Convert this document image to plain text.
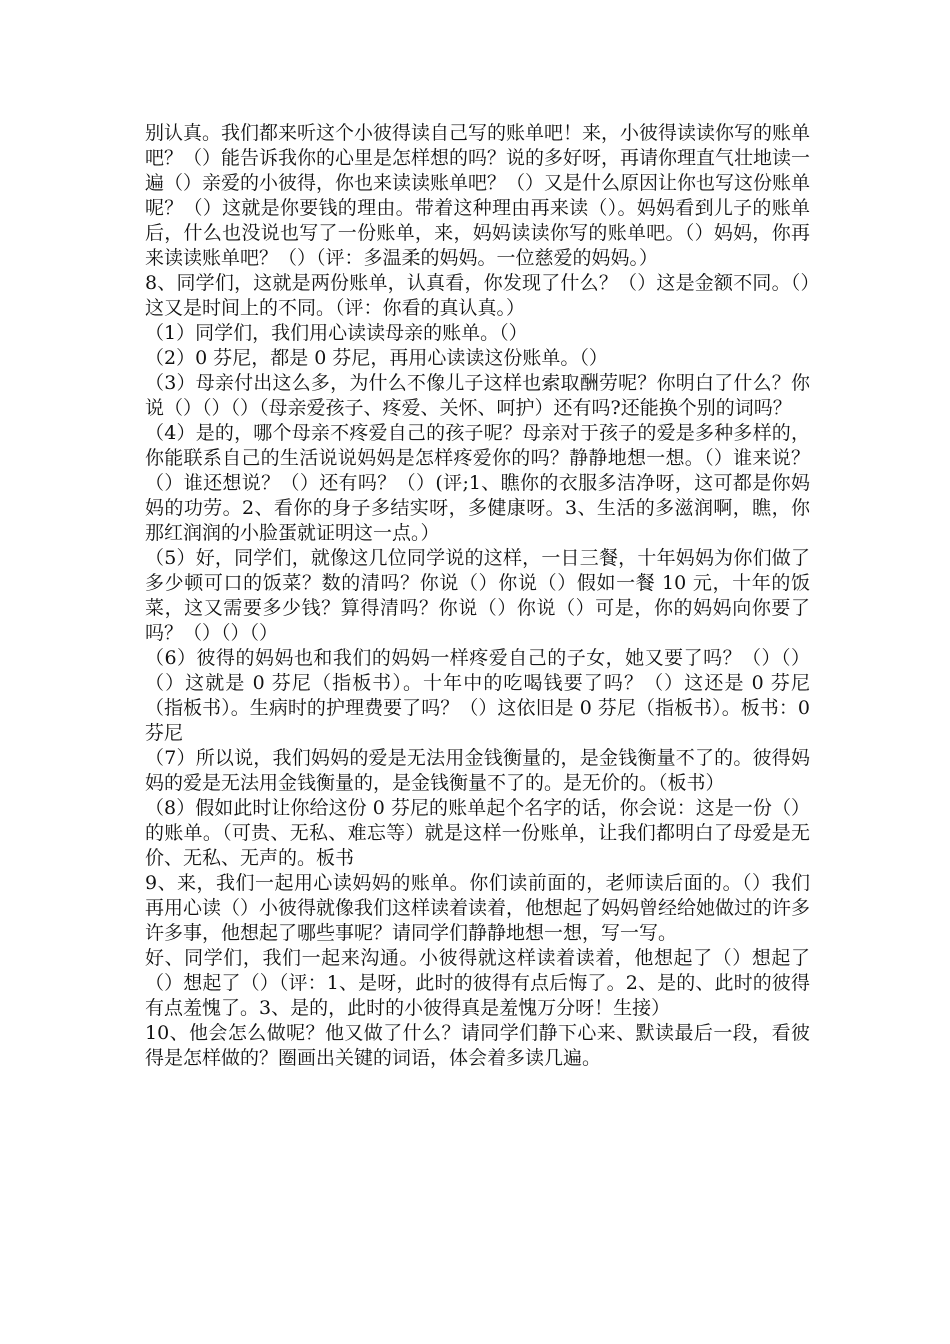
别认真。我们都来听这个小彼得读自己写的账单吧！来，小彼得读读你写的账单吧？（）能告诉我你的心里是怎样想的吗？说的多好呀，再请你理直气壮地读一遍（）亲爱的小彼得，你也来读读账单吧？（）又是什么原因让你也写这份账单呢？（）这就是你要钱的理由。带着这种理由再来读（）。妈妈看到儿子的账单后，什么也没说也写了一份账单，来，妈妈读读你写的账单吧。（）妈妈，你再来读读账单吧？（）（评：多温柔的妈妈。一位慈爱的妈妈。）

8、同学们，这就是两份账单，认真看，你发现了什么？（）这是金额不同。（）这又是时间上的不同。（评：你看的真认真。）

（1）同学们，我们用心读读母亲的账单。（）

（2）0 芬尼，都是 0 芬尼，再用心读读这份账单。（）

（3）母亲付出这么多，为什么不像儿子这样也索取酬劳呢？你明白了什么？你说（）（）（）（母亲爱孩子、疼爱、关怀、呵护）还有吗?还能换个别的词吗？

（4）是的，哪个母亲不疼爱自己的孩子呢？母亲对于孩子的爱是多种多样的，你能联系自己的生活说说妈妈是怎样疼爱你的吗？静静地想一想。（）谁来说？（）谁还想说？（）还有吗？（）(评;1、瞧你的衣服多洁净呀，这可都是你妈妈的功劳。2、看你的身子多结实呀，多健康呀。3、生活的多滋润啊，瞧，你那红润润的小脸蛋就证明这一点。）

（5）好，同学们，就像这几位同学说的这样，一日三餐，十年妈妈为你们做了多少顿可口的饭菜？数的清吗？你说（）你说（）假如一餐 10 元，十年的饭菜，这又需要多少钱？算得清吗？你说（）你说（）可是，你的妈妈向你要了吗？（）（）（）

（6）彼得的妈妈也和我们的妈妈一样疼爱自己的子女，她又要了吗？（）（）（）这就是 0 芬尼（指板书）。十年中的吃喝钱要了吗？（）这还是 0 芬尼（指板书）。生病时的护理费要了吗？（）这依旧是 0 芬尼（指板书）。板书：0 芬尼

（7）所以说，我们妈妈的爱是无法用金钱衡量的，是金钱衡量不了的。彼得妈妈的爱是无法用金钱衡量的，是金钱衡量不了的。是无价的。（板书）

（8）假如此时让你给这份 0 芬尼的账单起个名字的话，你会说：这是一份（）的账单。（可贵、无私、难忘等）就是这样一份账单，让我们都明白了母爱是无价、无私、无声的。板书

9、来，我们一起用心读妈妈的账单。你们读前面的，老师读后面的。（）我们再用心读（）小彼得就像我们这样读着读着，他想起了妈妈曾经给她做过的许多许多事，他想起了哪些事呢？请同学们静静地想一想，写一写。

好、同学们，我们一起来沟通。小彼得就这样读着读着，他想起了（）想起了（）想起了（）（评：1、是呀，此时的彼得有点后悔了。2、是的、此时的彼得有点羞愧了。3、是的，此时的小彼得真是羞愧万分呀！生接）

10、他会怎么做呢？他又做了什么？请同学们静下心来、默读最后一段，看彼得是怎样做的？圈画出关键的词语，体会着多读几遍。
